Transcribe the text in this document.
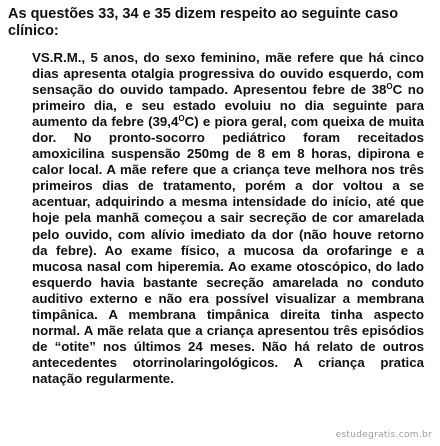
As questões 33, 34 e 35 dizem respeito ao seguinte caso clínico:

VS.R.M., 5 anos, do sexo feminino, mãe refere que há cinco dias apresenta otalgia progressiva do ouvido esquerdo, com sensação do ouvido tampado. Apresentou febre de $38^OC$ no primeiro dia, e seu estado evoluiu no dia seguinte para aumento da febre $(39,4^OC)$ e piora geral, com queixa de muita dor. No pronto-socorro pediátrico foram receitados amoxicilina suspensão 250mg de 8 em 8 horas, dipirona e calor local. A mãe refere que a criança teve melhora nos três primeiros dias de tratamento, porém a dor voltou a se acentuar, adquirindo a mesma intensidade do início, até que hoje pela manhã começou a sair secreção de cor amarelada pelo ouvido, com alívio imediato da dor (não houve retorno da febre). Ao exame físico, a mucosa da orofaringe e a mucosa nasal com hiperemia. Ao exame otoscópico, do lado esquerdo havia bastante secreção amarelada no conduto auditivo externo e não era possível visualizar a membrana timpânica. A membrana timpânica direita tinha aspecto normal. A mãe relata que a criança apresentou três episódios de “otite” nos últimos 24 meses. Não há relato de outros antecedentes otorrinolaringológicos. A criança pratica natação regularmente.

estudegratis.com.br
